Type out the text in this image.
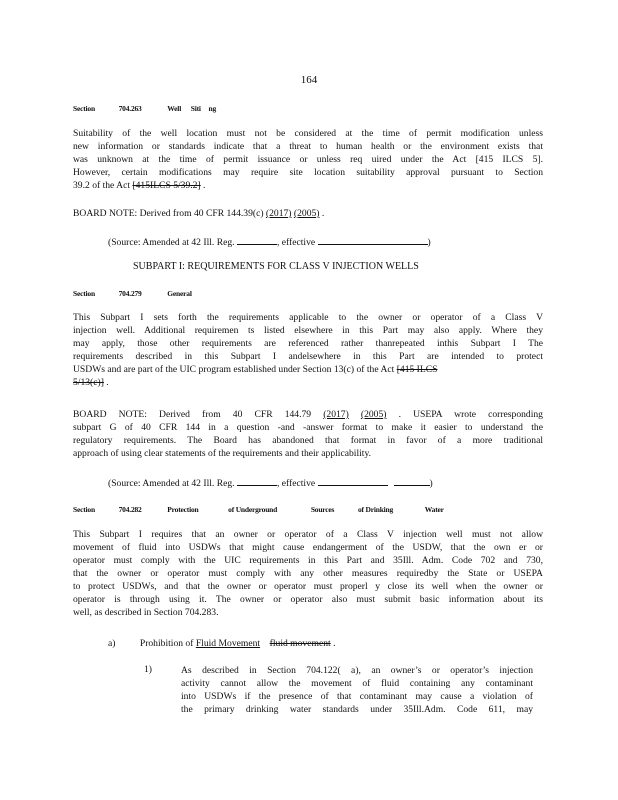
164
Section	704.263	Well Siti ng
Suitability of the well location must not be considered at the time of permit modification unless
new information or standards indicate that a threat to human health or the environment exists that
was unknown at the time of permit issuance or unless req uired under the Act [415 ILCS 5].
However, certain modifications may require site location suitability approval pursuant to Section
39.2 of the Act [415ILCS 5/39.2] .
BOARD NOTE: Derived from 40 CFR 144.39(c) (2017) (2005) .
(Source: Amended at 42 Ill. Reg.	, effective	)
SUBPART I: REQUIREMENTS FOR CLASS V INJECTION WELLS
Section	704.279	General
This Subpart I sets forth the requirements applicable to the owner or operator of a Class V
injection well. Additional requiremen ts listed elsewhere in this Part may also apply. Where they
may apply, those other requirements are referenced rather thanrepeated inthis Subpart I The
requirements described in this Subpart I andelsewhere in this Part are intended to protect
USDWs and are part of the UIC program established under Section 13(c) of the Act [415 ILCS
5/13(c)] .
BOARD NOTE: Derived from 40 CFR 144.79 (2017) (2005) . USEPA wrote corresponding
subpart G of 40 CFR 144 in a question -and -answer format to make it easier to understand the
regulatory requirements. The Board has abandoned that format in favor of a more traditional
approach of using clear statements of the requirements and their applicability.
(Source: Amended at 42 Ill. Reg.	, effective	)
Section	704.282	Protection	of Underground	Sources	of Drinking	Water
This Subpart I requires that an owner or operator of a Class V injection well must not allow
movement of fluid into USDWs that might cause endangerment of the USDW, that the own er or
operator must comply with the UIC requirements in this Part and 35Ill. Adm. Code 702 and 730,
that the owner or operator must comply with any other measures requiredby the State or USEPA
to protect USDWs, and that the owner or operator must properl y close its well when the owner or
operator is through using it. The owner or operator also must submit basic information about its
well, as described in Section 704.283.
a)	Prohibition of Fluid Movement fluid movement .
1)	As described in Section 704.122( a), an owner’s or operator’s injection
activity cannot allow the movement of fluid containing any contaminant
into USDWs if the presence of that contaminant may cause a violation of
the primary drinking water standards under 35Ill.Adm. Code 611, may
